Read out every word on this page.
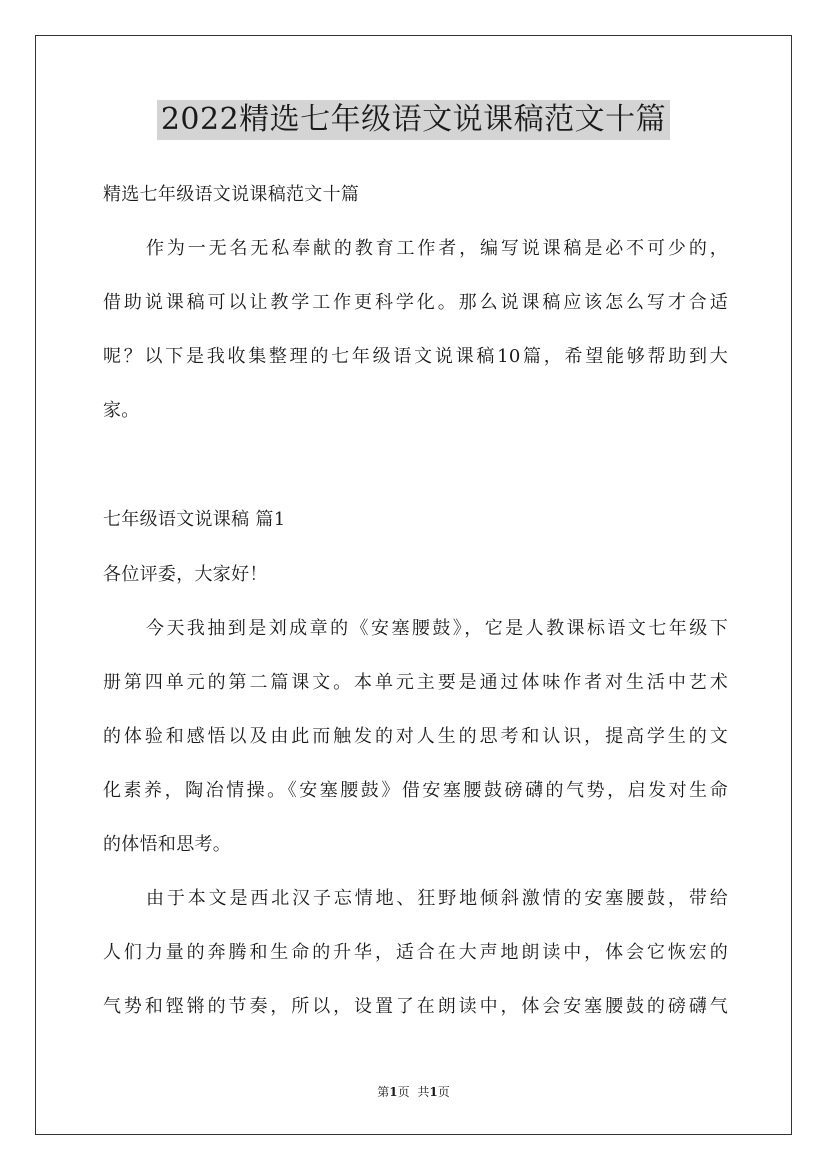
2022精选七年级语文说课稿范文十篇
精选七年级语文说课稿范文十篇
作为一无名无私奉献的教育工作者，编写说课稿是必不可少的，
借助说课稿可以让教学工作更科学化。那么说课稿应该怎么写才合适
呢？以下是我收集整理的七年级语文说课稿10篇，希望能够帮助到大
家。
七年级语文说课稿 篇1
各位评委，大家好！
今天我抽到是刘成章的《安塞腰鼓》，它是人教课标语文七年级下
册第四单元的第二篇课文。本单元主要是通过体味作者对生活中艺术
的体验和感悟以及由此而触发的对人生的思考和认识，提高学生的文
化素养，陶冶情操。《安塞腰鼓》借安塞腰鼓磅礴的气势，启发对生命
的体悟和思考。
由于本文是西北汉子忘情地、狂野地倾斜激情的安塞腰鼓，带给
人们力量的奔腾和生命的升华，适合在大声地朗读中，体会它恢宏的
气势和铿锵的节奏，所以，设置了在朗读中，体会安塞腰鼓的磅礴气
第1页 共1页
